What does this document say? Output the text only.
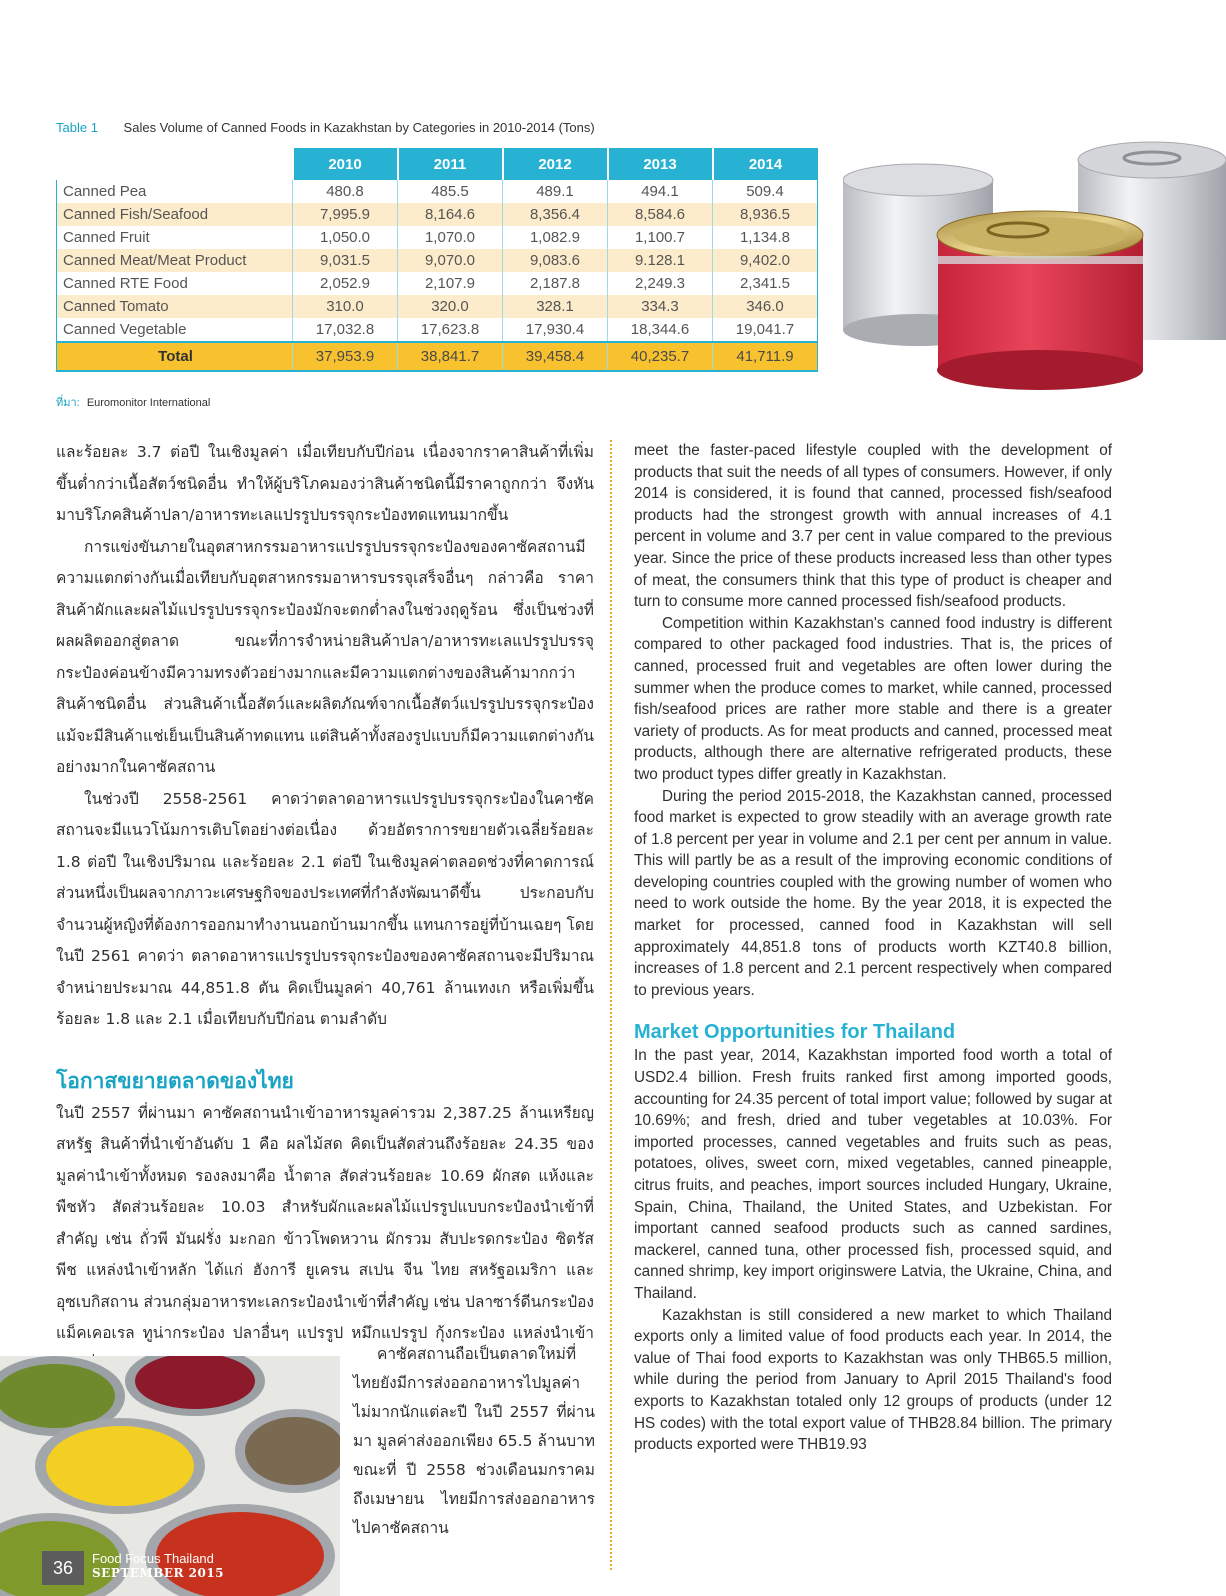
Table 1 Sales Volume of Canned Foods in Kazakhstan by Categories in 2010-2014 (Tons)
	2010	2011	2012	2013	2014
Canned Pea	480.8	485.5	489.1	494.1	509.4
Canned Fish/Seafood	7,995.9	8,164.6	8,356.4	8,584.6	8,936.5
Canned Fruit	1,050.0	1,070.0	1,082.9	1,100.7	1,134.8
Canned Meat/Meat Product	9,031.5	9,070.0	9,083.6	9.128.1	9,402.0
Canned RTE Food	2,052.9	2,107.9	2,187.8	2,249.3	2,341.5
Canned Tomato	310.0	320.0	328.1	334.3	346.0
Canned Vegetable	17,032.8	17,623.8	17,930.4	18,344.6	19,041.7
Total	37,953.9	38,841.7	39,458.4	40,235.7	41,711.9
ที่มา: Euromonitor International

และร้อยละ 3.7 ต่อปี ในเชิงมูลค่า เมื่อเทียบกับปีก่อน เนื่องจากราคาสินค้าที่เพิ่มขึ้นต่ำกว่าเนื้อสัตว์ชนิดอื่น ทำให้ผู้บริโภคมองว่าสินค้าชนิดนี้มีราคาถูกกว่า จึงหันมาบริโภคสินค้าปลา/อาหารทะเลแปรรูปบรรจุกระป๋องทดแทนมากขึ้น

การแข่งขันภายในอุตสาหกรรมอาหารแปรรูปบรรจุกระป๋องของคาซัคสถานมีความแตกต่างกันเมื่อเทียบกับอุตสาหกรรมอาหารบรรจุเสร็จอื่นๆ กล่าวคือ ราคาสินค้าผักและผลไม้แปรรูปบรรจุกระป๋องมักจะตกต่ำลงในช่วงฤดูร้อน ซึ่งเป็นช่วงที่ผลผลิตออกสู่ตลาด ขณะที่การจำหน่ายสินค้าปลา/อาหารทะเลแปรรูปบรรจุกระป๋องค่อนข้างมีความทรงตัวอย่างมากและมีความแตกต่างของสินค้ามากกว่าสินค้าชนิดอื่น ส่วนสินค้าเนื้อสัตว์และผลิตภัณฑ์จากเนื้อสัตว์แปรรูปบรรจุกระป๋อง แม้จะมีสินค้าแช่เย็นเป็นสินค้าทดแทน แต่สินค้าทั้งสองรูปแบบก็มีความแตกต่างกันอย่างมากในคาซัคสถาน

ในช่วงปี 2558-2561 คาดว่าตลาดอาหารแปรรูปบรรจุกระป๋องในคาซัคสถานจะมีแนวโน้มการเติบโตอย่างต่อเนื่อง ด้วยอัตราการขยายตัวเฉลี่ยร้อยละ 1.8 ต่อปี ในเชิงปริมาณ และร้อยละ 2.1 ต่อปี ในเชิงมูลค่าตลอดช่วงที่คาดการณ์ ส่วนหนึ่งเป็นผลจากภาวะเศรษฐกิจของประเทศที่กำลังพัฒนาดีขึ้น ประกอบกับจำนวนผู้หญิงที่ต้องการออกมาทำงานนอกบ้านมากขึ้น แทนการอยู่ที่บ้านเฉยๆ โดยในปี 2561 คาดว่า ตลาดอาหารแปรรูปบรรจุกระป๋องของคาซัคสถานจะมีปริมาณจำหน่ายประมาณ 44,851.8 ตัน คิดเป็นมูลค่า 40,761 ล้านเทงเก หรือเพิ่มขึ้นร้อยละ 1.8 และ 2.1 เมื่อเทียบกับปีก่อน ตามลำดับ

โอกาสขยายตลาดของไทย

ในปี 2557 ที่ผ่านมา คาซัคสถานนำเข้าอาหารมูลค่ารวม 2,387.25 ล้านเหรียญสหรัฐ สินค้าที่นำเข้าอันดับ 1 คือ ผลไม้สด คิดเป็นสัดส่วนถึงร้อยละ 24.35 ของมูลค่านำเข้าทั้งหมด รองลงมาคือ น้ำตาล สัดส่วนร้อยละ 10.69 ผักสด แห้งและพืชหัว สัดส่วนร้อยละ 10.03 สำหรับผักและผลไม้แปรรูปแบบกระป๋องนำเข้าที่สำคัญ เช่น ถั่วพี มันฝรั่ง มะกอก ข้าวโพดหวาน ผักรวม สับปะรดกระป๋อง ซิตรัส พีช แหล่งนำเข้าหลัก ได้แก่ ฮังการี ยูเครน สเปน จีน ไทย สหรัฐอเมริกา และอุซเบกิสถาน ส่วนกลุ่มอาหารทะเลกระป๋องนำเข้าที่สำคัญ เช่น ปลาซาร์ดีนกระป๋อง แม็คเคอเรล ทูน่ากระป๋อง ปลาอื่นๆ แปรรูป หมึกแปรรูป กุ้งกระป๋อง แหล่งนำเข้า

คาซัคสถานถือเป็นตลาดใหม่ที่ไทยยังมีการส่งออกอาหารไปมูลค่าไม่มากนักแต่ละปี ในปี 2557 ที่ผ่านมา มูลค่าส่งออกเพียง 65.5 ล้านบาท ขณะที่ ปี 2558 ช่วงเดือนมกราคมถึงเมษายน ไทยมีการส่งออกอาหารไปคาซัคสถาน

meet the faster-paced lifestyle coupled with the development of products that suit the needs of all types of consumers. However, if only 2014 is considered, it is found that canned, processed fish/seafood products had the strongest growth with annual increases of 4.1 percent in volume and 3.7 per cent in value compared to the previous year. Since the price of these products increased less than other types of meat, the consumers think that this type of product is cheaper and turn to consume more canned processed fish/seafood products.

Competition within Kazakhstan's canned food industry is different compared to other packaged food industries. That is, the prices of canned, processed fruit and vegetables are often lower during the summer when the produce comes to market, while canned, processed fish/seafood prices are rather more stable and there is a greater variety of products. As for meat products and canned, processed meat products, although there are alternative refrigerated products, these two product types differ greatly in Kazakhstan.

During the period 2015-2018, the Kazakhstan canned, processed food market is expected to grow steadily with an average growth rate of 1.8 percent per year in volume and 2.1 per cent per annum in value. This will partly be as a result of the improving economic conditions of developing countries coupled with the growing number of women who need to work outside the home. By the year 2018, it is expected the market for processed, canned food in Kazakhstan will sell approximately 44,851.8 tons of products worth KZT40.8 billion, increases of 1.8 percent and 2.1 percent respectively when compared to previous years.

Market Opportunities for Thailand

In the past year, 2014, Kazakhstan imported food worth a total of USD2.4 billion. Fresh fruits ranked first among imported goods, accounting for 24.35 percent of total import value; followed by sugar at 10.69%; and fresh, dried and tuber vegetables at 10.03%. For imported processes, canned vegetables and fruits such as peas, potatoes, olives, sweet corn, mixed vegetables, canned pineapple, citrus fruits, and peaches, import sources included Hungary, Ukraine, Spain, China, Thailand, the United States, and Uzbekistan. For important canned seafood products such as canned sardines, mackerel, canned tuna, other processed fish, processed squid, and canned shrimp, key import originswere Latvia, the Ukraine, China, and Thailand.

Kazakhstan is still considered a new market to which Thailand exports only a limited value of food products each year. In 2014, the value of Thai food exports to Kazakhstan was only THB65.5 million, while during the period from January to April 2015 Thailand's food exports to Kazakhstan totaled only 12 groups of products (under 12 HS codes) with the total export value of THB28.84 billion. The primary products exported were THB19.93

36	Food Focus Thailand
SEPTEMBER 2015
